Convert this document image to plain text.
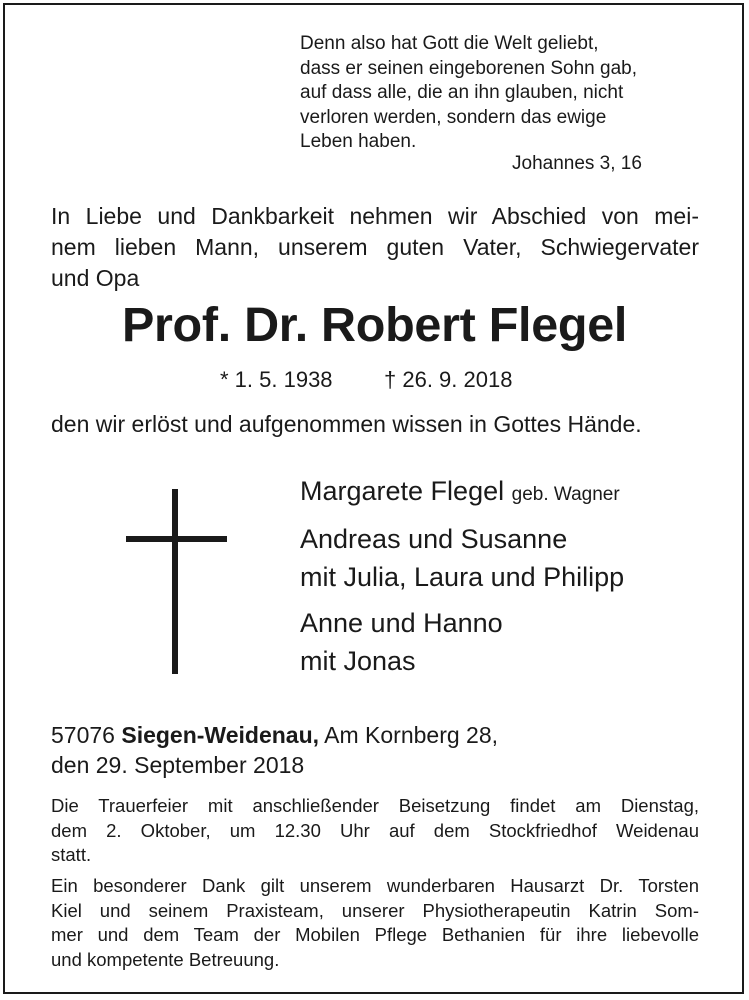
Denn also hat Gott die Welt geliebt,
dass er seinen eingeborenen Sohn gab,
auf dass alle, die an ihn glauben, nicht
verloren werden, sondern das ewige
Leben haben.
Johannes 3, 16
In Liebe und Dankbarkeit nehmen wir Abschied von mei-
nem lieben Mann, unserem guten Vater, Schwiegervater
und Opa
Prof. Dr. Robert Flegel
* 1. 5. 1938 † 26. 9. 2018
den wir erlöst und aufgenommen wissen in Gottes Hände.
Margarete Flegel geb. Wagner
Andreas und Susanne
mit Julia, Laura und Philipp
Anne und Hanno
mit Jonas
57076 Siegen-Weidenau, Am Kornberg 28,
den 29. September 2018
Die Trauerfeier mit anschließender Beisetzung findet am Dienstag,
dem 2. Oktober, um 12.30 Uhr auf dem Stockfriedhof Weidenau
statt.
Ein besonderer Dank gilt unserem wunderbaren Hausarzt Dr. Torsten
Kiel und seinem Praxisteam, unserer Physiotherapeutin Katrin Som-
mer und dem Team der Mobilen Pflege Bethanien für ihre liebevolle
und kompetente Betreuung.
